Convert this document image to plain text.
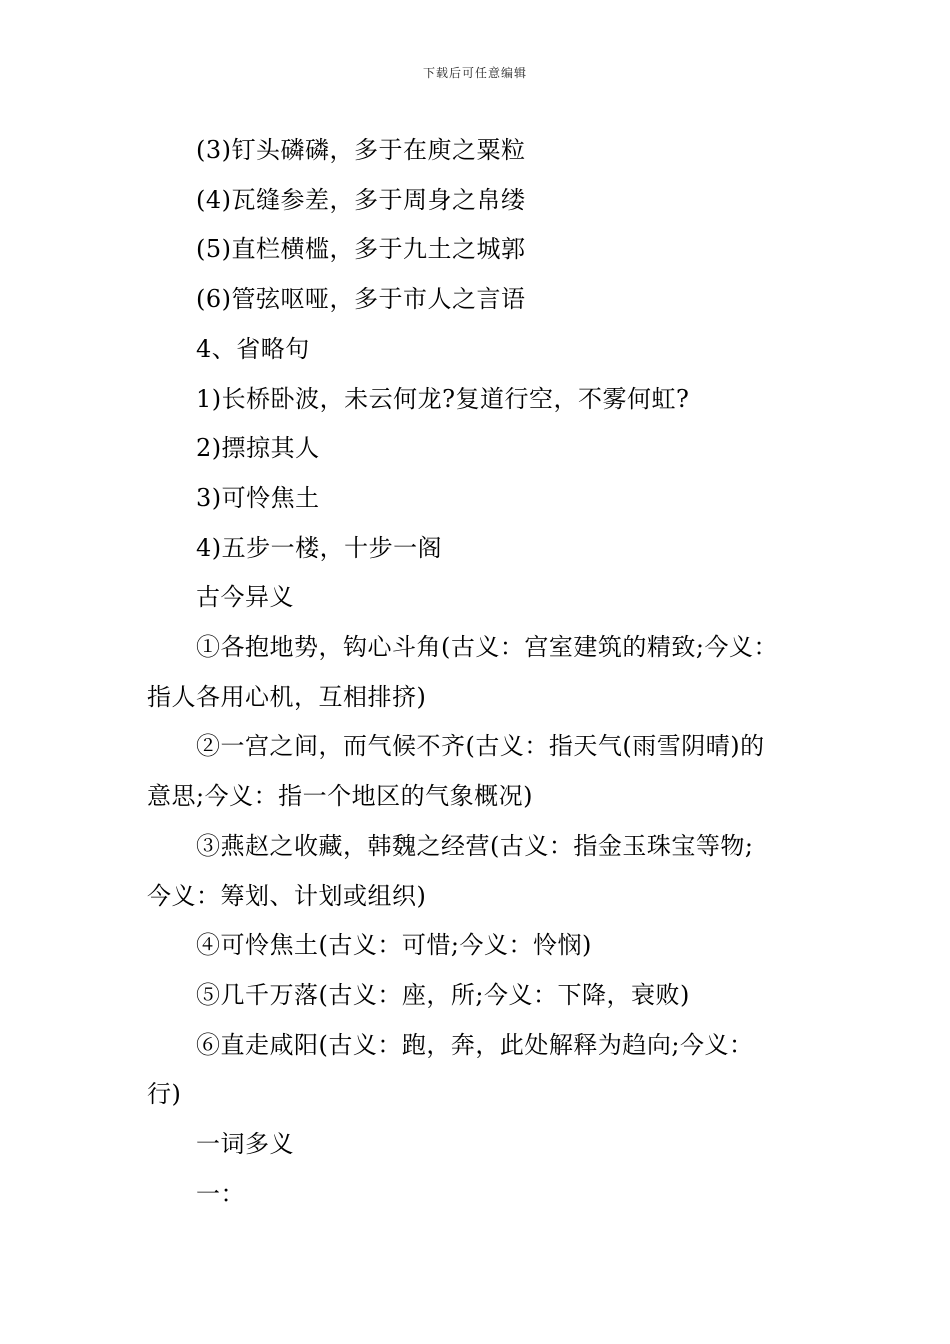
下载后可任意编辑
(3)钉头磷磷，多于在庾之粟粒
(4)瓦缝参差，多于周身之帛缕
(5)直栏横槛，多于九土之城郭
(6)管弦呕哑，多于市人之言语
4、省略句
1)长桥卧波，未云何龙?复道行空，不雾何虹?
2)摽掠其人
3)可怜焦土
4)五步一楼，十步一阁
古今异义
①各抱地势，钩心斗角(古义：宫室建筑的精致;今义：
指人各用心机，互相排挤)
②一宫之间，而气候不齐(古义：指天气(雨雪阴晴)的
意思;今义：指一个地区的气象概况)
③燕赵之收藏，韩魏之经营(古义：指金玉珠宝等物;
今义：筹划、计划或组织)
④可怜焦土(古义：可惜;今义：怜悯)
⑤几千万落(古义：座，所;今义：下降，衰败)
⑥直走咸阳(古义：跑，奔，此处解释为趋向;今义：
行)
一词多义
一：
